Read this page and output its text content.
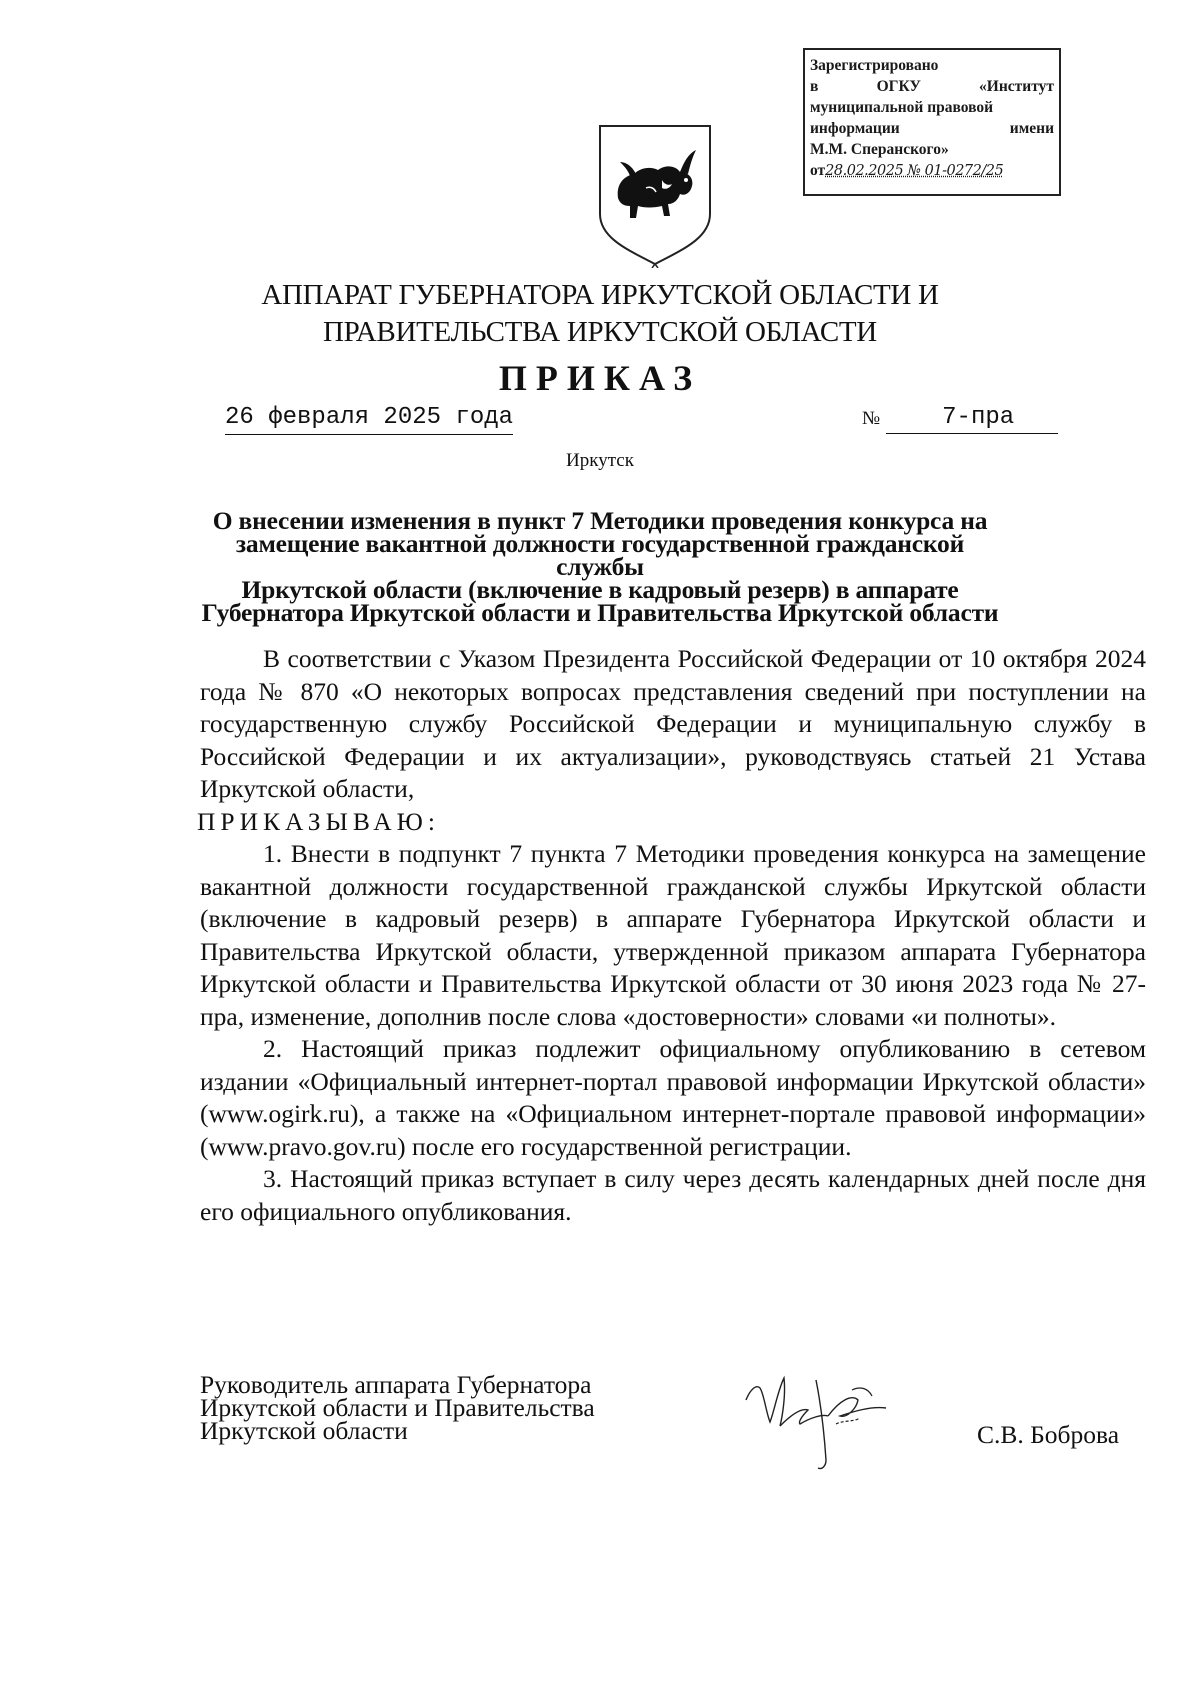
Зарегистрировано
в	ОГКУ	«Институт
муниципальной правовой
информации	имени
М.М. Сперанского»
от28.02.2025 № 01-0272/25
АППАРАТ ГУБЕРНАТОРА ИРКУТСКОЙ ОБЛАСТИ И
ПРАВИТЕЛЬСТВА ИРКУТСКОЙ ОБЛАСТИ
ПРИКАЗ
26 февраля 2025 года	№	7-пра
Иркутск
О внесении изменения в пункт 7 Методики проведения конкурса на
замещение вакантной должности государственной гражданской службы
Иркутской области (включение в кадровый резерв) в аппарате
Губернатора Иркутской области и Правительства Иркутской области

В соответствии с Указом Президента Российской Федерации от 10 октября 2024 года № 870 «О некоторых вопросах представления сведений при поступлении на государственную службу Российской Федерации и муниципальную службу в Российской Федерации и их актуализации», руководствуясь статьей 21 Устава Иркутской области,

ПРИКАЗЫВАЮ:

1. Внести в подпункт 7 пункта 7 Методики проведения конкурса на замещение вакантной должности государственной гражданской службы Иркутской области (включение в кадровый резерв) в аппарате Губернатора Иркутской области и Правительства Иркутской области, утвержденной приказом аппарата Губернатора Иркутской области и Правительства Иркутской области от 30 июня 2023 года № 27-пра, изменение, дополнив после слова «достоверности» словами «и полноты».

2. Настоящий приказ подлежит официальному опубликованию в сетевом издании «Официальный интернет-портал правовой информации Иркутской области» (www.ogirk.ru), а также на «Официальном интернет-портале правовой информации» (www.pravo.gov.ru) после его государственной регистрации.

3. Настоящий приказ вступает в силу через десять календарных дней после дня его официального опубликования.

Руководитель аппарата Губернатора
Иркутской области и Правительства
Иркутской области	С.В. Боброва
